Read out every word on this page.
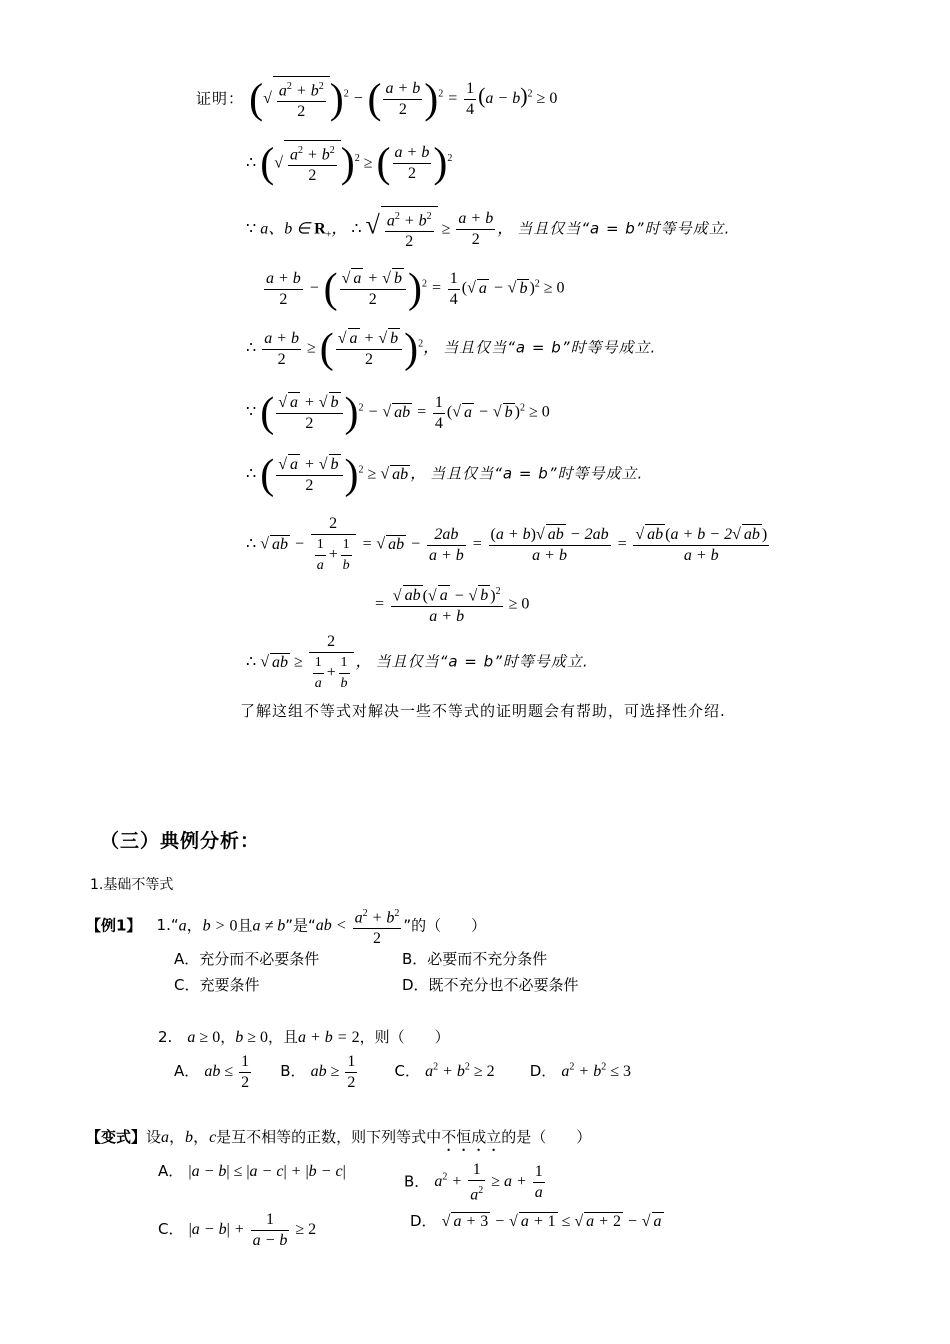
证明： (√ $\frac{a^2 + b^2}{2} )^2$ − ( $\frac{a + b}{2} )^2 = \frac{1}{4} (a - b)^2 \ge 0$
∴ (√ $\frac{a^2 + b^2}{2} )^2$ ≥ ( $\frac{a + b}{2} )^2$
∵ a、b ∈ $R_+$， ∴ √ $\frac{a^2 + b^2}{2} \ge \frac{a + b}{2}$ ， 当且仅当“a = b”时等号成立.
$\frac{a + b}{2}$ − ( $\frac{√ a + √ b}{2} )^2 = \frac{1}{4}$ (√ a − √ b )$^2$ ≥ 0
∴ $\frac{a + b}{2}$ ≥ ( $\frac{√ a + √ b}{2} )^2$， 当且仅当“a = b”时等号成立.
∵ ( $\frac{√ a + √ b}{2} )^2$ − √ ab = $\frac{1}{4}$ (√ a − √ b )$^2$ ≥ 0
∴ ( $\frac{√ a + √ b}{2} )^2$ ≥ √ ab ， 当且仅当“a = b”时等号成立.
∴ √ ab − $\frac{2}{\frac{1}{a} + \frac{1}{b}}$ = √ ab − $\frac{2ab}{a + b} = \frac{(a + b)√ ab - 2ab}{a + b} = \frac{√ ab (a + b - 2√ ab )}{a + b}$
= $\frac{√ ab (√ a - √ b )^2}{a + b} \ge 0$
∴ √ ab ≥ $\frac{2}{\frac{1}{a} + \frac{1}{b}}$ ， 当且仅当“a = b”时等号成立.
了解这组不等式对解决一些不等式的证明题会有帮助，可选择性介绍.
（三）典例分析：
1.基础不等式
【例1】 1.“a，b > 0且a ≠ b”是“ab < $\frac{a^2 + b^2}{2}$ ”的（　　）
A．充分而不必要条件	B．必要而不充分条件
C．充要条件	D．既不充分也不必要条件
2. a ≥ 0，b ≥ 0，且a + b = 2，则（　　）
A． ab ≤ $\frac{1}{2}$ B． ab ≥ $\frac{1}{2}$ C． $a^2 + b^2 \ge 2$ D． $a^2 + b^2 \le 3$
【变式】设a，b，c是互不相等的正数，则下列等式中不恒成立的是（　　）
A． |a − b| ≤ |a − c| + |b − c|
B． $a^2 + \frac{1}{a^2} \ge a + \frac{1}{a}$
C． $|a - b| + \frac{1}{a - b} \ge 2$	D． √ a + 3 − √ a + 1 ≤ √ a + 2 − √ a
